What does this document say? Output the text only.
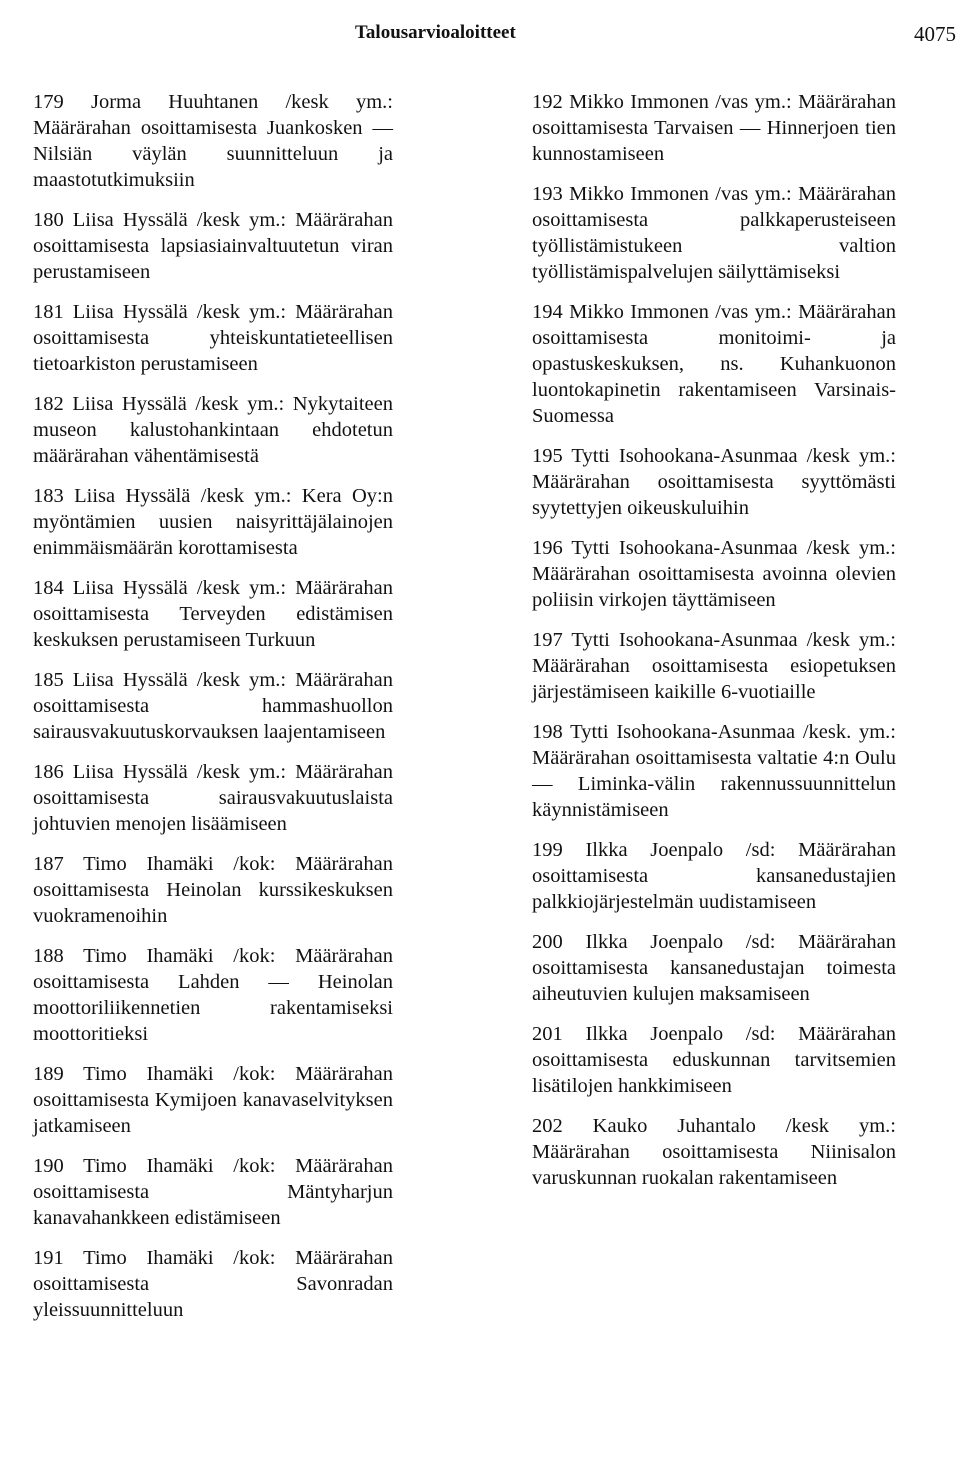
Talousarvioaloitteet	4075

179 Jorma Huuhtanen /kesk ym.: Määrärahan osoittamisesta Juankosken — Nilsiän väylän suunnitteluun ja maastotutkimuksiin

180 Liisa Hyssälä /kesk ym.: Määrärahan osoittamisesta lapsiasiainvaltuutetun viran perustamiseen

181 Liisa Hyssälä /kesk ym.: Määrärahan osoittamisesta yhteiskuntatieteellisen tietoarkiston perustamiseen

182 Liisa Hyssälä /kesk ym.: Nykytaiteen museon kalustohankintaan ehdotetun määrärahan vähentämisestä

183 Liisa Hyssälä /kesk ym.: Kera Oy:n myöntämien uusien naisyrittäjälainojen enimmäismäärän korottamisesta

184 Liisa Hyssälä /kesk ym.: Määrärahan osoittamisesta Terveyden edistämisen keskuksen perustamiseen Turkuun

185 Liisa Hyssälä /kesk ym.: Määrärahan osoittamisesta hammashuollon sairausvakuutuskorvauksen laajentamiseen

186 Liisa Hyssälä /kesk ym.: Määrärahan osoittamisesta sairausvakuutuslaista johtuvien menojen lisäämiseen

187 Timo Ihamäki /kok: Määrärahan osoittamisesta Heinolan kurssikeskuksen vuokramenoihin

188 Timo Ihamäki /kok: Määrärahan osoittamisesta Lahden — Heinolan moottoriliikennetien rakentamiseksi moottoritieksi

189 Timo Ihamäki /kok: Määrärahan osoittamisesta Kymijoen kanavaselvityksen jatkamiseen

190 Timo Ihamäki /kok: Määrärahan osoittamisesta Mäntyharjun kanavahankkeen edistämiseen

191 Timo Ihamäki /kok: Määrärahan osoittamisesta Savonradan yleissuunnitteluun

192 Mikko Immonen /vas ym.: Määrärahan osoittamisesta Tarvaisen — Hinnerjoen tien kunnostamiseen

193 Mikko Immonen /vas ym.: Määrärahan osoittamisesta palkkaperusteiseen työllistämistukeen valtion työllistämispalvelujen säilyttämiseksi

194 Mikko Immonen /vas ym.: Määrärahan osoittamisesta monitoimi- ja opastuskeskuksen, ns. Kuhankuonon luontokapinetin rakentamiseen Varsinais-Suomessa

195 Tytti Isohookana-Asunmaa /kesk ym.: Määrärahan osoittamisesta syyttömästi syytettyjen oikeuskuluihin

196 Tytti Isohookana-Asunmaa /kesk ym.: Määrärahan osoittamisesta avoinna olevien poliisin virkojen täyttämiseen

197 Tytti Isohookana-Asunmaa /kesk ym.: Määrärahan osoittamisesta esiopetuksen järjestämiseen kaikille 6-vuotiaille

198 Tytti Isohookana-Asunmaa /kesk. ym.: Määrärahan osoittamisesta valtatie 4:n Oulu — Liminka-välin rakennussuunnittelun käynnistämiseen

199 Ilkka Joenpalo /sd: Määrärahan osoittamisesta kansanedustajien palkkiojärjestelmän uudistamiseen

200 Ilkka Joenpalo /sd: Määrärahan osoittamisesta kansanedustajan toimesta aiheutuvien kulujen maksamiseen

201 Ilkka Joenpalo /sd: Määrärahan osoittamisesta eduskunnan tarvitsemien lisätilojen hankkimiseen

202 Kauko Juhantalo /kesk ym.: Määrärahan osoittamisesta Niinisalon varuskunnan ruokalan rakentamiseen
